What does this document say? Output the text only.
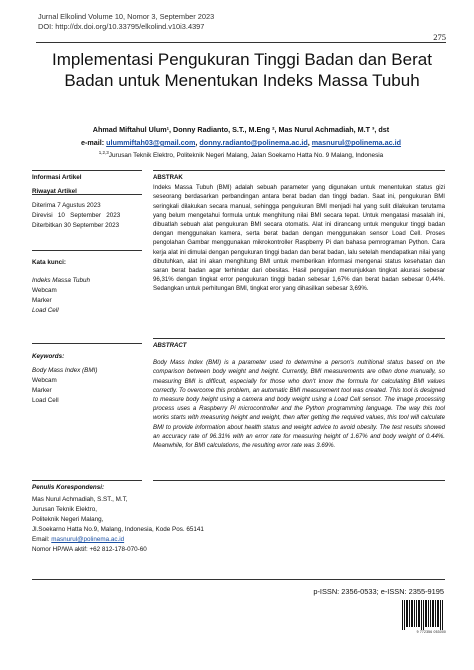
Jurnal Elkolind Volume 10, Nomor 3, September 2023
DOI: http://dx.doi.org/10.33795/elkolind.v10i3.4397
275
Implementasi Pengukuran Tinggi Badan dan Berat Badan untuk Menentukan Indeks Massa Tubuh
Ahmad Miftahul Ulum¹, Donny Radianto, S.T., M.Eng ², Mas Nurul Achmadiah, M.T ³, dst
e-mail: ulummiftah03@gmail.com, donny.radianto@polinema.ac.id, masnurul@polinema.ac.id
$^{1,2,3}$Jurusan Teknik Elektro, Politeknik Negeri Malang, Jalan Soekarno Hatta No. 9 Malang, Indonesia
Informasi Artikel
Riwayat Artikel
Diterima 7 Agustus 2023
Direvisi   10   September   2023
Diterbitkan 30 September 2023
Kata kunci:
Indeks Massa Tubuh
Webcam
Marker
Load Cell
Keywords:
Body Mass Index (BMI)
Webcam
Marker
Load Cell
ABSTRAK
Indeks Massa Tubuh (BMI) adalah sebuah parameter yang digunakan untuk menentukan status gizi seseorang berdasarkan perbandingan antara berat badan dan tinggi badan. Saat ini, pengukuran BMI seringkali dilakukan secara manual, sehingga pengukuran BMI menjadi hal yang sulit dilakukan terutama yang belum mengetahui formula untuk menghitung nilai BMI secara tepat. Untuk mengatasi masalah ini, dibuatlah sebuah alat pengukuran BMI secara otomatis. Alat ini dirancang untuk mengukur tinggi badan dengan menggunakan kamera, serta berat badan dengan menggunakan sensor Load Cell. Proses pengolahan Gambar menggunakan mikrokontroller Raspberry Pi dan bahasa pemrograman Python. Cara kerja alat ini dimulai dengan pengukuran tinggi badan dan berat badan, lalu setelah mendapatkan nilai yang dibutuhkan, alat ini akan menghitung BMI untuk memberikan informasi mengenai status kesehatan dan saran berat badan agar terhindar dari obesitas. Hasil pengujian menunjukkan tingkat akurasi sebesar 96,31% dengan tingkat error pengukuran tinggi badan sebesar 1,67% dan berat badan sebesar 0,44%. Sedangkan untuk perhitungan BMI, tingkat eror yang dihasilkan sebesar 3,69%.
ABSTRACT
Body Mass Index (BMI) is a parameter used to determine a person's nutritional status based on the comparison between body weight and height. Currently, BMI measurements are often done manually, so measuring BMI is difficult, especially for those who don't know the formula for calculating BMI values correctly. To overcome this problem, an automatic BMI measurement tool was created. This tool is designed to measure body height using a camera and body weight using a Load Cell sensor. The image processing process uses a Raspberry Pi microcontroller and the Python programming language. The way this tool works starts with measuring height and weight, then after getting the required values, this tool will calculate BMI to provide information about health status and weight advice to avoid obesity. The test results showed an accuracy rate of 96.31% with an error rate for measuring height of 1.67% and body weight of 0.44%. Meanwhile, for BMI calculations, the resulting error rate was 3.69%.
Penulis Korespondensi:
Mas Nurul Achmadiah, S.ST., M.T,
Jurusan Teknik Elektro,
Politeknik Negeri Malang,
Jl.Soekarno Hatta No.9, Malang, Indonesia, Kode Pos. 65141
Email: masnurul@polinema.ac.id
Nomor HP/WA aktif: +62 812-178-070-60
p-ISSN: 2356-0533; e-ISSN: 2355-9195
9 772356 053000
